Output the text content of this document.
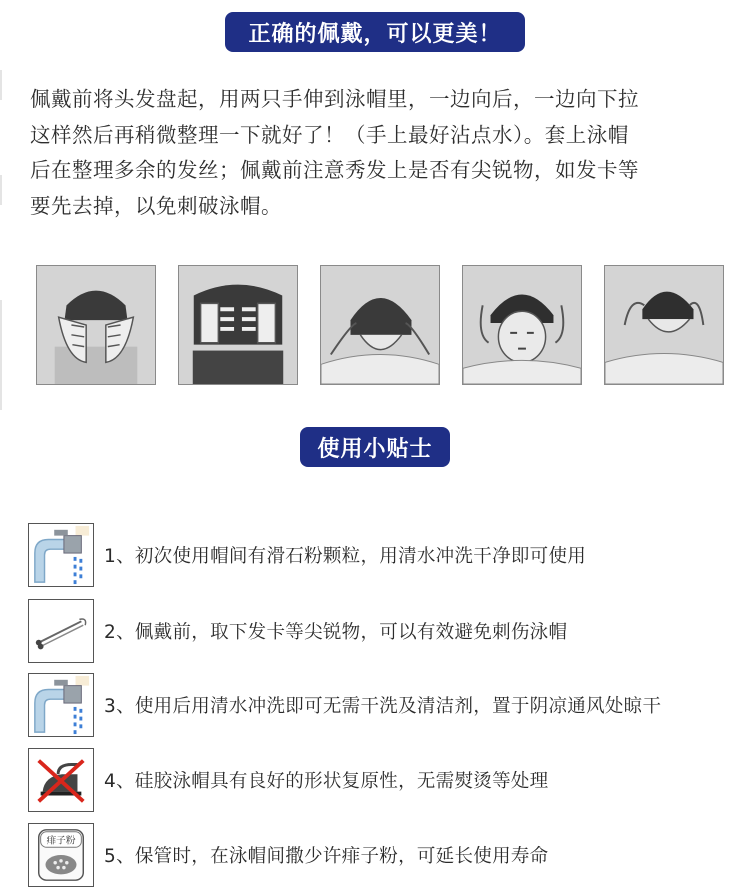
正确的佩戴，可以更美！
佩戴前将头发盘起，用两只手伸到泳帽里，一边向后，一边向下拉
这样然后再稍微整理一下就好了！（手上最好沾点水）。套上泳帽
后在整理多余的发丝；佩戴前注意秀发上是否有尖锐物，如发卡等
要先去掉，以免刺破泳帽。
使用小贴士
1、初次使用帽间有滑石粉颗粒，用清水冲洗干净即可使用
2、佩戴前，取下发卡等尖锐物，可以有效避免刺伤泳帽
3、使用后用清水冲洗即可无需干洗及清洁剂，置于阴凉通风处晾干
4、硅胶泳帽具有良好的形状复原性，无需熨烫等处理
痱子粉
5、保管时，在泳帽间撒少许痱子粉，可延长使用寿命
